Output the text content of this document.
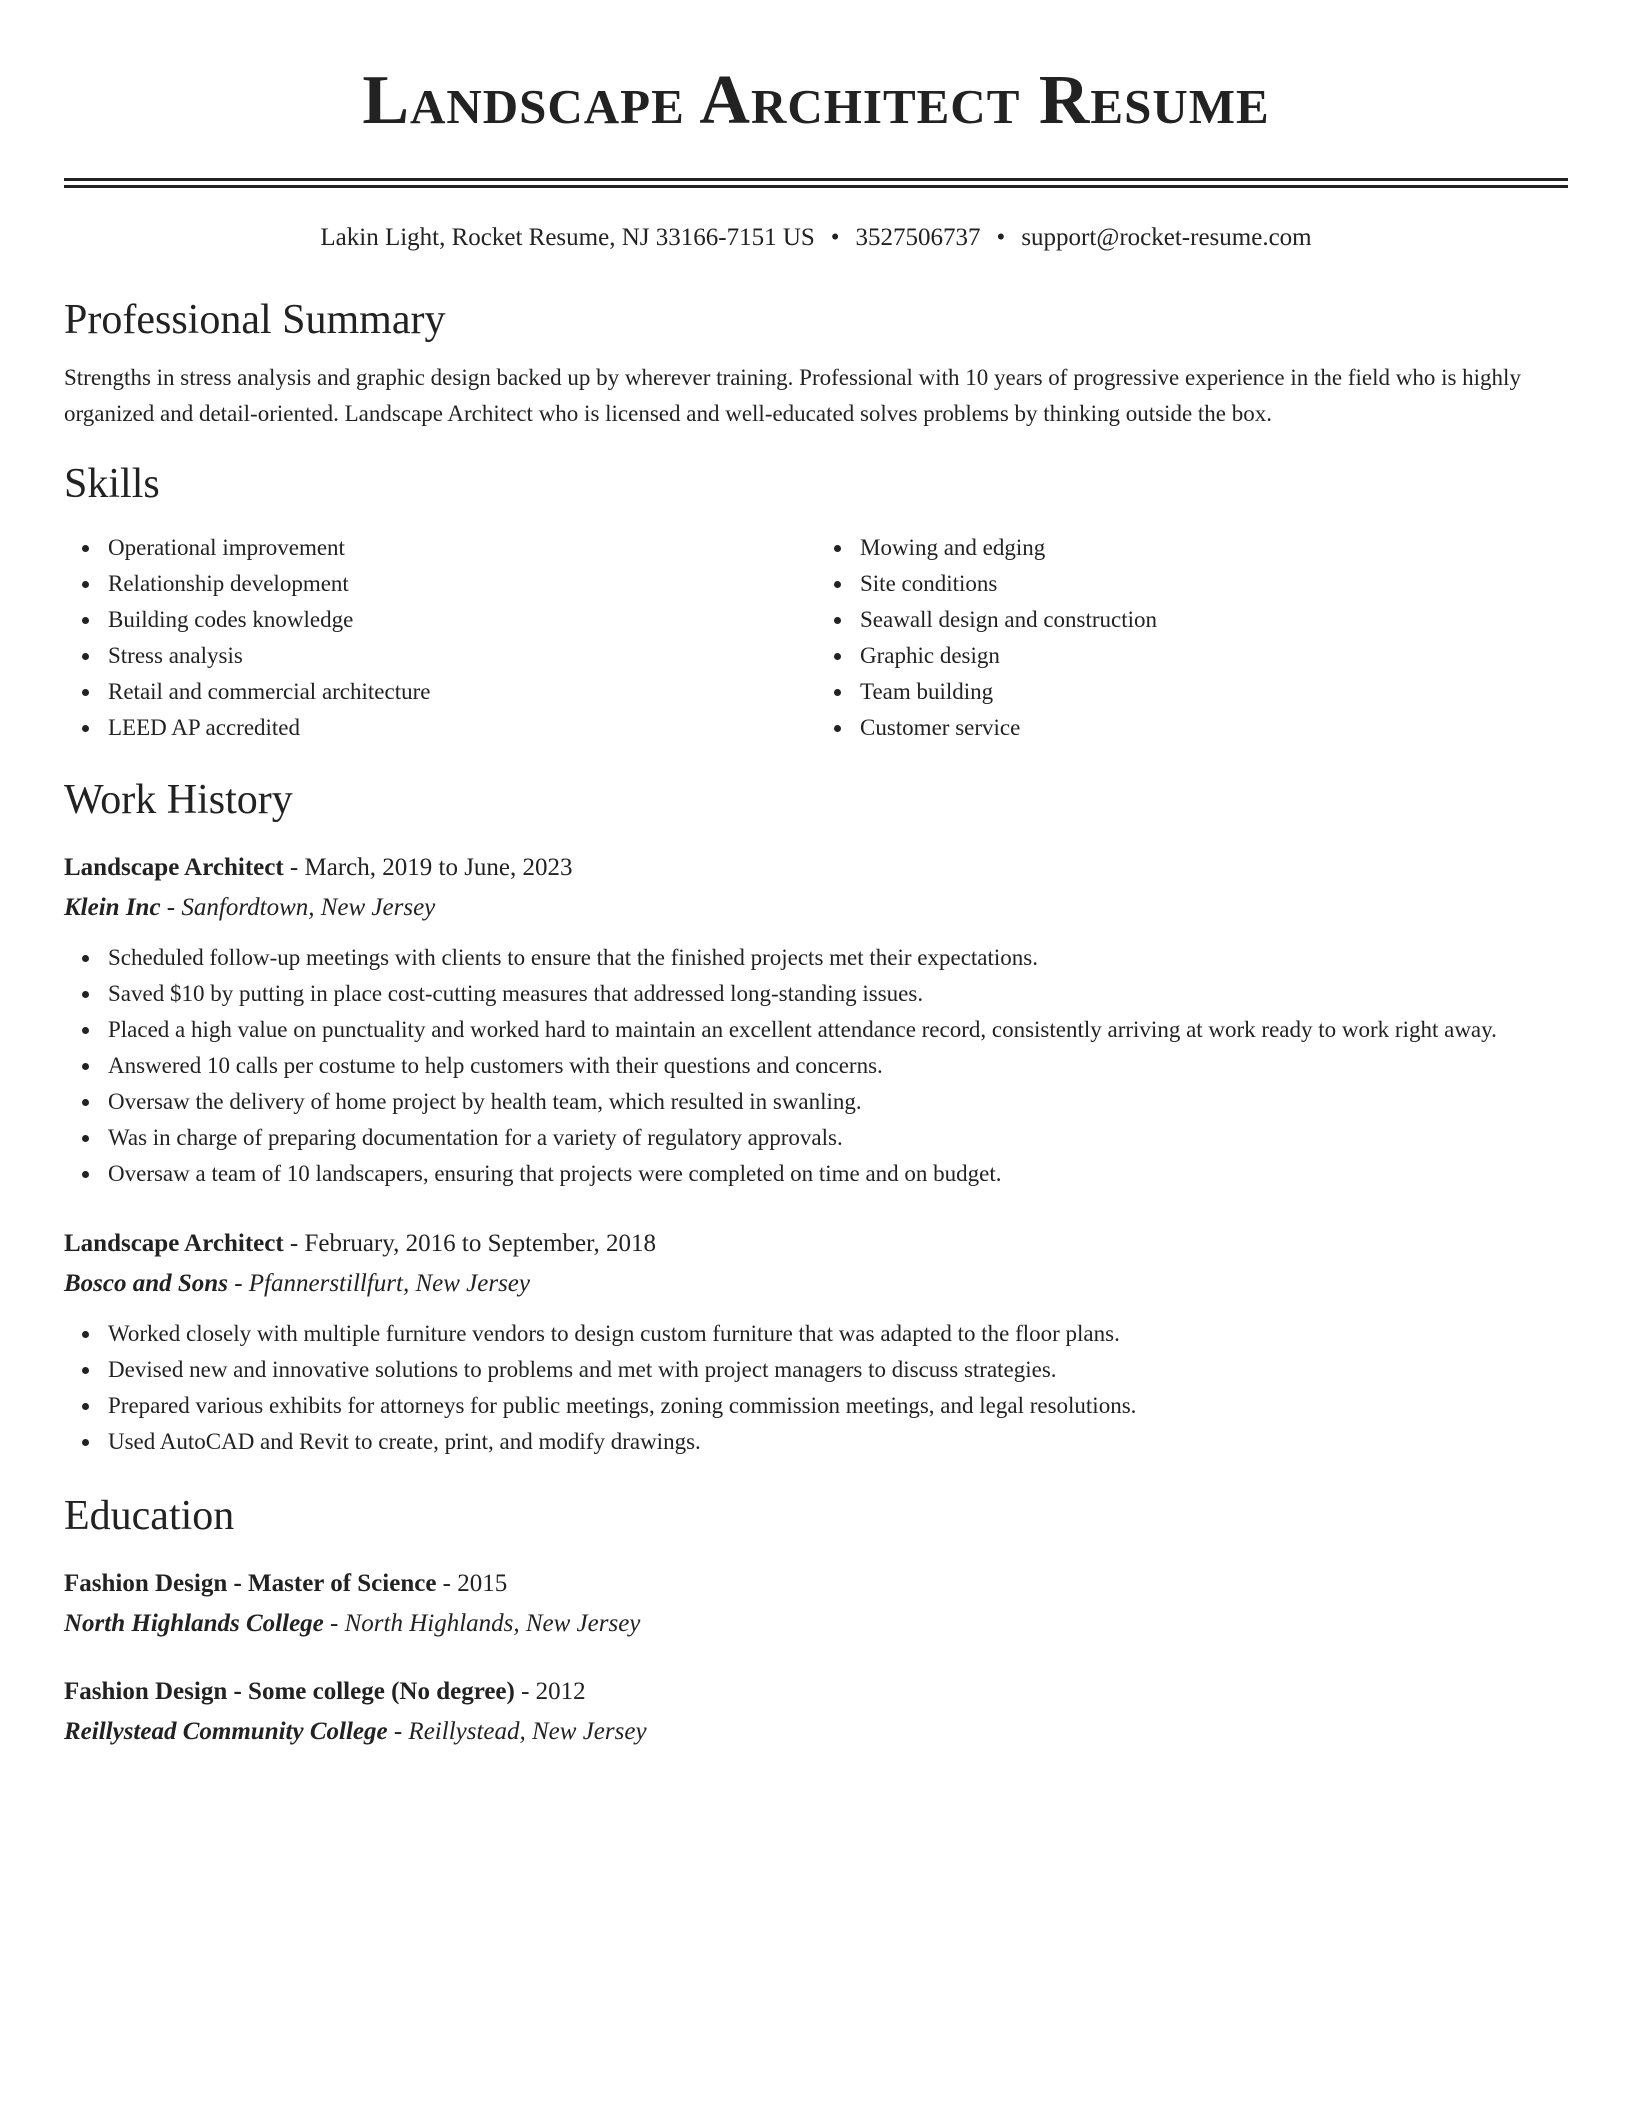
Landscape Architect Resume
Lakin Light, Rocket Resume, NJ 33166-7151 US • 3527506737 • support@rocket-resume.com
Professional Summary

Strengths in stress analysis and graphic design backed up by wherever training. Professional with 10 years of progressive experience in the field who is highly organized and detail-oriented. Landscape Architect who is licensed and well-educated solves problems by thinking outside the box.

Skills
Operational improvement
Relationship development
Building codes knowledge
Stress analysis
Retail and commercial architecture
LEED AP accredited
Mowing and edging
Site conditions
Seawall design and construction
Graphic design
Team building
Customer service
Work History
Landscape Architect - March, 2019 to June, 2023
Klein Inc - Sanfordtown, New Jersey
Scheduled follow-up meetings with clients to ensure that the finished projects met their expectations.
Saved $10 by putting in place cost-cutting measures that addressed long-standing issues.
Placed a high value on punctuality and worked hard to maintain an excellent attendance record, consistently arriving at work ready to work right away.
Answered 10 calls per costume to help customers with their questions and concerns.
Oversaw the delivery of home project by health team, which resulted in swanling.
Was in charge of preparing documentation for a variety of regulatory approvals.
Oversaw a team of 10 landscapers, ensuring that projects were completed on time and on budget.
Landscape Architect - February, 2016 to September, 2018
Bosco and Sons - Pfannerstillfurt, New Jersey
Worked closely with multiple furniture vendors to design custom furniture that was adapted to the floor plans.
Devised new and innovative solutions to problems and met with project managers to discuss strategies.
Prepared various exhibits for attorneys for public meetings, zoning commission meetings, and legal resolutions.
Used AutoCAD and Revit to create, print, and modify drawings.
Education
Fashion Design - Master of Science - 2015
North Highlands College - North Highlands, New Jersey
Fashion Design - Some college (No degree) - 2012
Reillystead Community College - Reillystead, New Jersey
